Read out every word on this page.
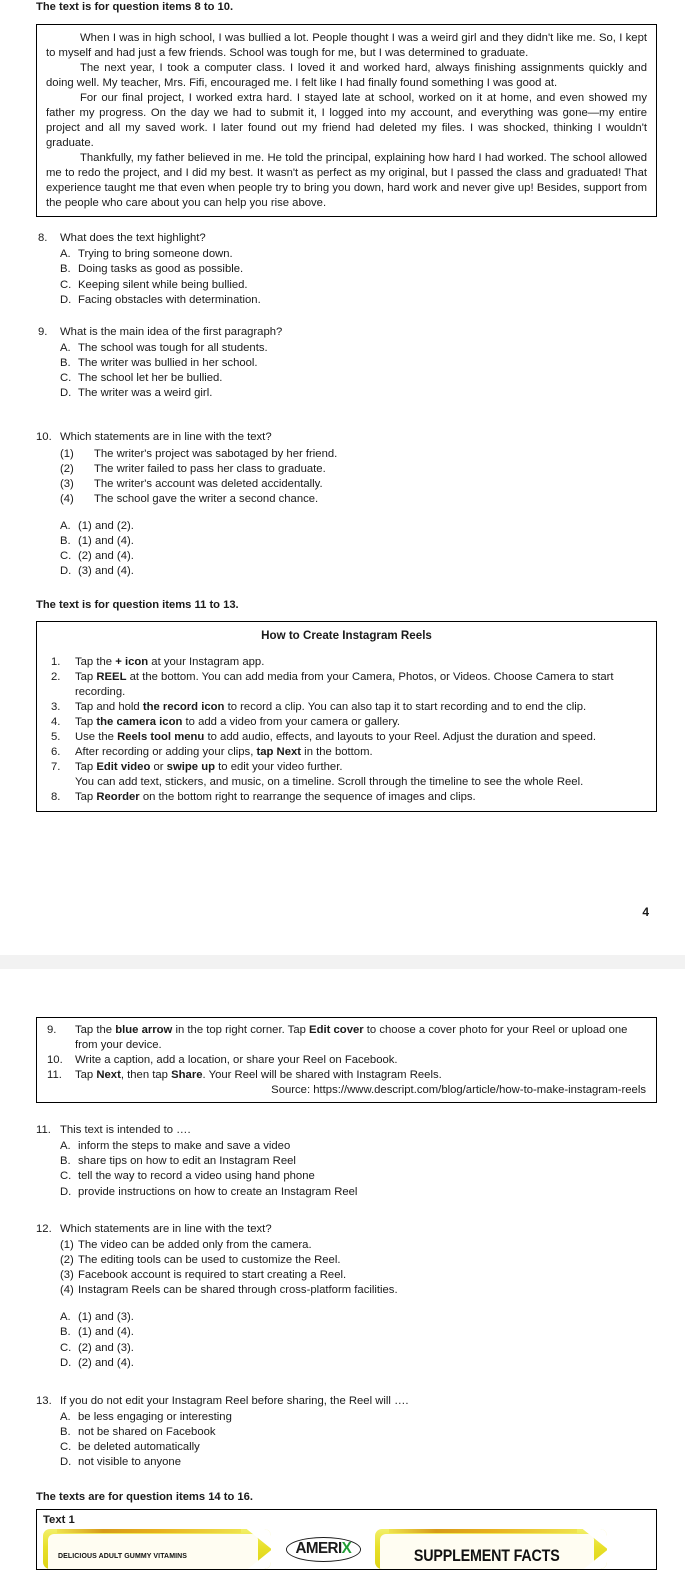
The text is for question items 8 to 10.

When I was in high school, I was bullied a lot. People thought I was a weird girl and they didn't like me. So, I kept to myself and had just a few friends. School was tough for me, but I was determined to graduate.

The next year, I took a computer class. I loved it and worked hard, always finishing assignments quickly and doing well. My teacher, Mrs. Fifi, encouraged me. I felt like I had finally found something I was good at.

For our final project, I worked extra hard. I stayed late at school, worked on it at home, and even showed my father my progress. On the day we had to submit it, I logged into my account, and everything was gone—my entire project and all my saved work. I later found out my friend had deleted my files. I was shocked, thinking I wouldn't graduate.

Thankfully, my father believed in me. He told the principal, explaining how hard I had worked. The school allowed me to redo the project, and I did my best. It wasn't as perfect as my original, but I passed the class and graduated! That experience taught me that even when people try to bring you down, hard work and never give up! Besides, support from the people who care about you can help you rise above.

8.	What does the text highlight?
A. Trying to bring someone down.
B. Doing tasks as good as possible.
C. Keeping silent while being bullied.
D. Facing obstacles with determination.
9.	What is the main idea of the first paragraph?
A. The school was tough for all students.
B. The writer was bullied in her school.
C. The school let her be bullied.
D. The writer was a weird girl.
10. Which statements are in line with the text?
(1)	The writer's project was sabotaged by her friend.
(2)	The writer failed to pass her class to graduate.
(3)	The writer's account was deleted accidentally.
(4)	The school gave the writer a second chance.
A. (1) and (2).
B. (1) and (4).
C. (2) and (4).
D. (3) and (4).
The text is for question items 11 to 13.
How to Create Instagram Reels
1.	Tap the + icon at your Instagram app.
2.	Tap REEL at the bottom. You can add media from your Camera, Photos, or Videos. Choose Camera to start recording.
3.	Tap and hold the record icon to record a clip. You can also tap it to start recording and to end the clip.
4.	Tap the camera icon to add a video from your camera or gallery.
5.	Use the Reels tool menu to add audio, effects, and layouts to your Reel. Adjust the duration and speed.
6.	After recording or adding your clips, tap Next in the bottom.
7.	Tap Edit video or swipe up to edit your video further.
You can add text, stickers, and music, on a timeline. Scroll through the timeline to see the whole Reel.
8.	Tap Reorder on the bottom right to rearrange the sequence of images and clips.
4
9.	Tap the blue arrow in the top right corner. Tap Edit cover to choose a cover photo for your Reel or upload one from your device.
10.	Write a caption, add a location, or share your Reel on Facebook.
11.	Tap Next, then tap Share. Your Reel will be shared with Instagram Reels.
Source: https://www.descript.com/blog/article/how-to-make-instagram-reels
11. This text is intended to ….
A. inform the steps to make and save a video
B. share tips on how to edit an Instagram Reel
C. tell the way to record a video using hand phone
D. provide instructions on how to create an Instagram Reel
12. Which statements are in line with the text?
(1) The video can be added only from the camera.
(2) The editing tools can be used to customize the Reel.
(3) Facebook account is required to start creating a Reel.
(4) Instagram Reels can be shared through cross-platform facilities.
A. (1) and (3).
B. (1) and (4).
C. (2) and (3).
D. (2) and (4).
13. If you do not edit your Instagram Reel before sharing, the Reel will ….
A. be less engaging or interesting
B. not be shared on Facebook
C. be deleted automatically
D. not visible to anyone
The texts are for question items 14 to 16.
Text 1
DELICIOUS ADULT GUMMY VITAMINS	AMERIX	SUPPLEMENT FACTS
